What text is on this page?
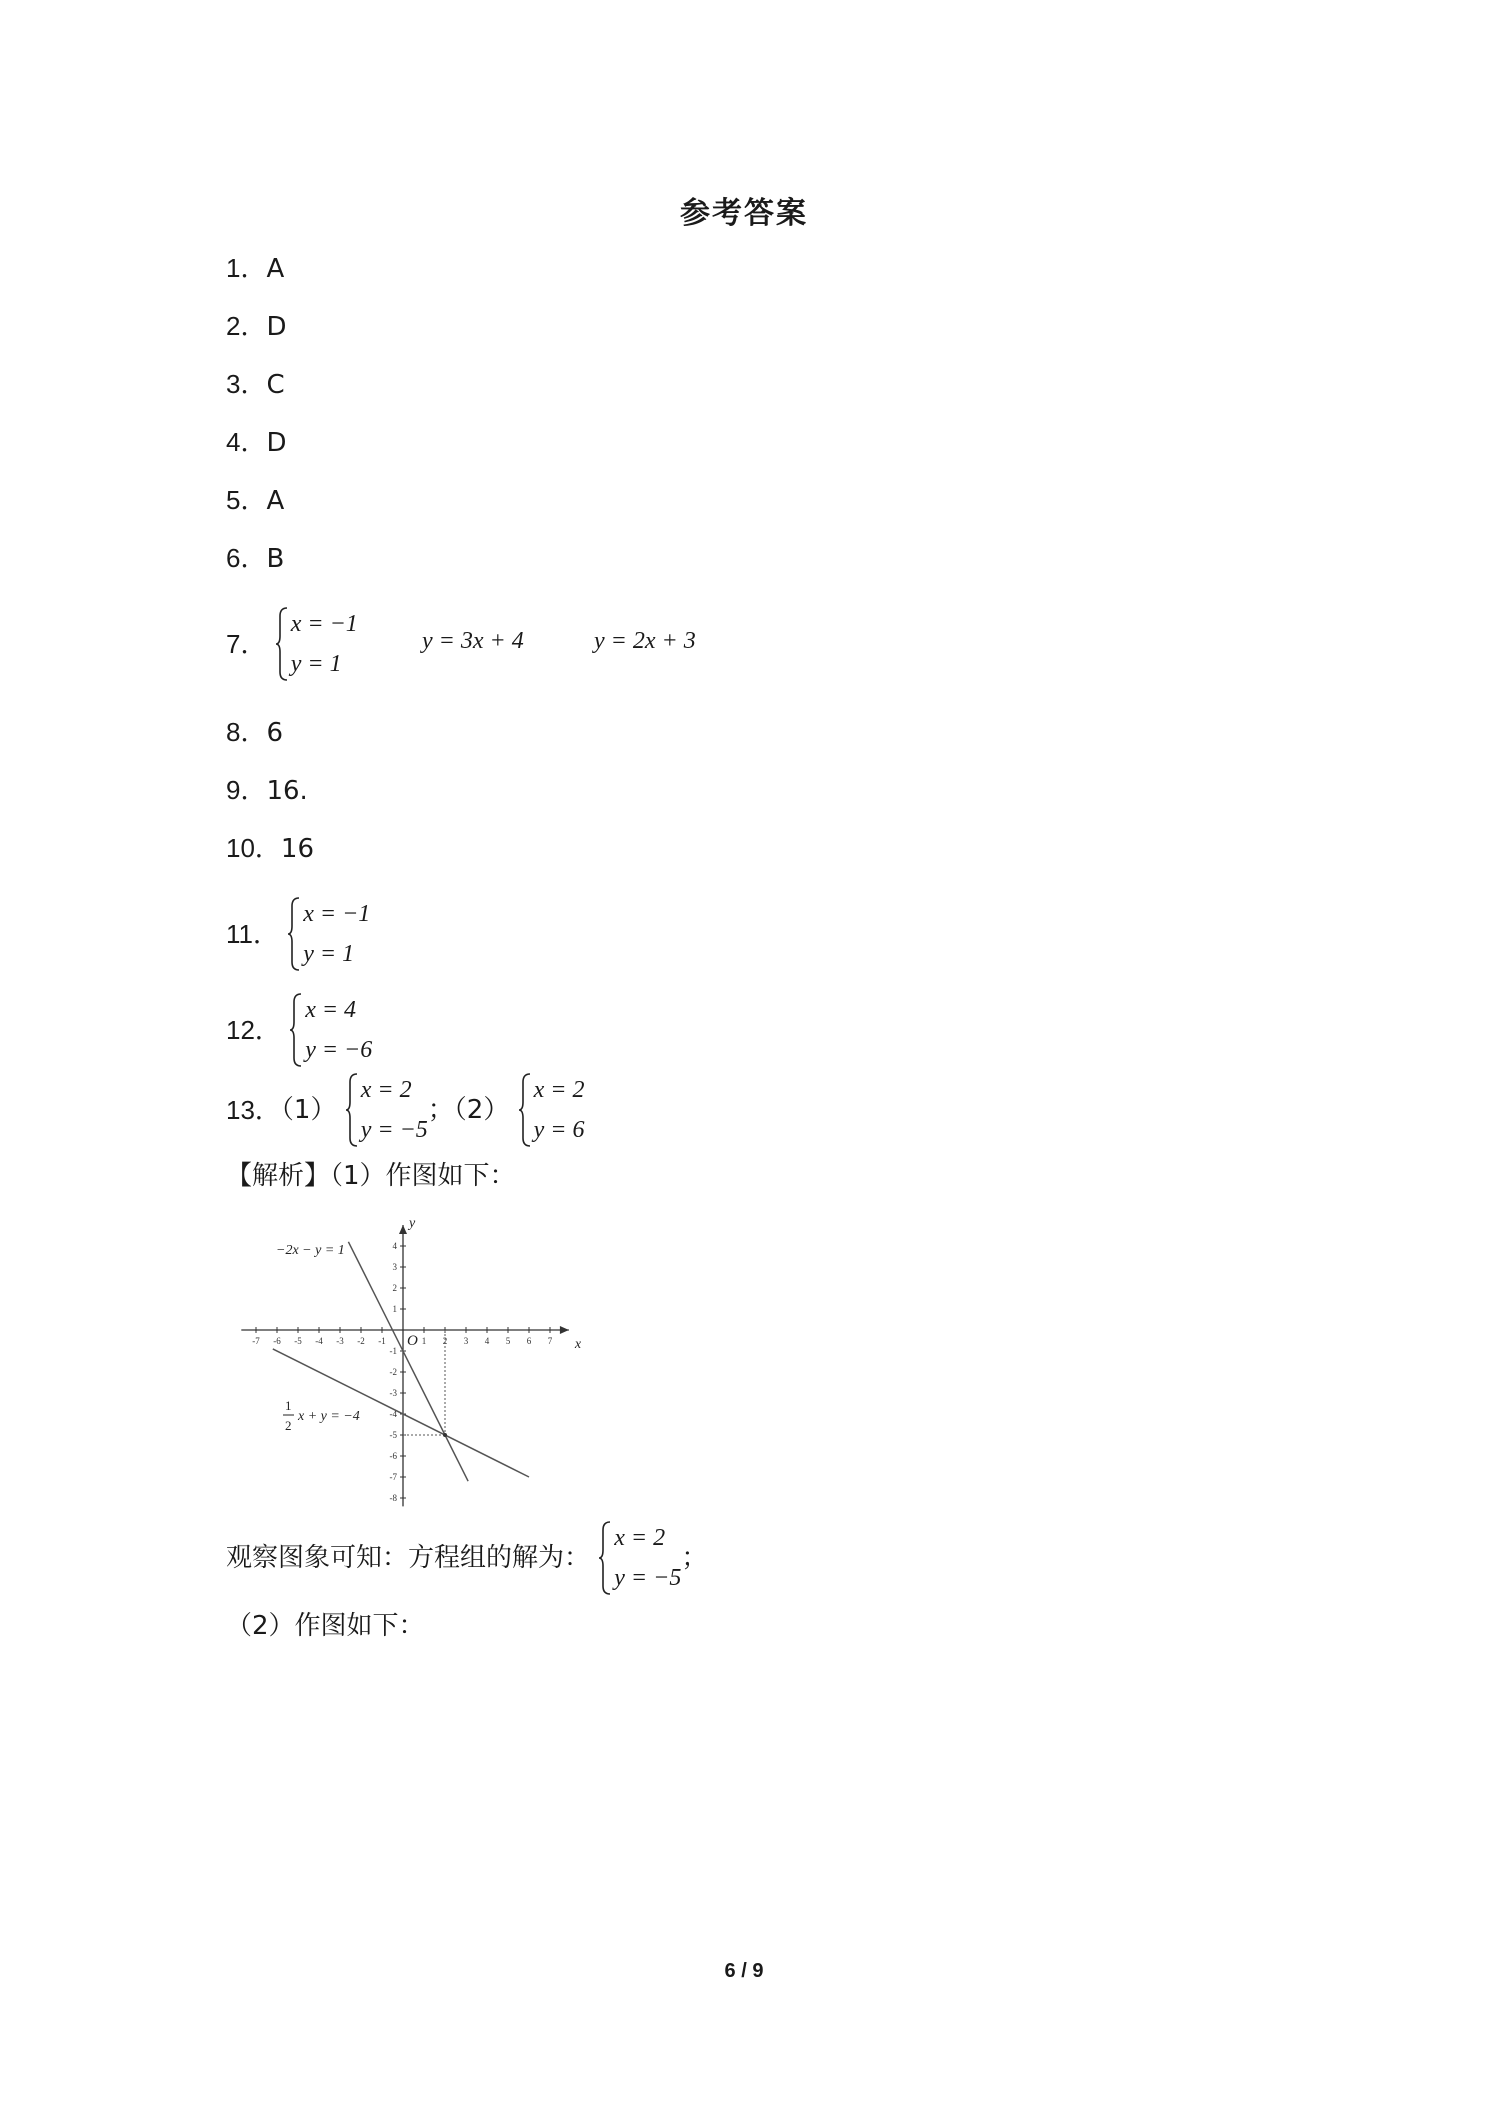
参考答案
1．A
2．D
3．C
4．D
5．A
6．B
7．
x = −1
y = 1
y = 3x + 4	y = 2x + 3
8．6
9．16.
10．16
11．
x = −1
y = 1
12．
x = 4
y = −6
13．（1）
x = 2
y = −5
；（2）
x = 2
y = 6
【解析】（1）作图如下：
-7 -6 -5 -4 -3 -2 -1	1 2 3 4 5 6 7
4
3
2
1
-1
-2
-3
-4
-5
-6
-7
-8
x
y
O
−2x − y = 1
1
2
x + y = −4
观察图象可知：方程组的解为：
x = 2
y = −5
；
（2）作图如下：
6 / 9
